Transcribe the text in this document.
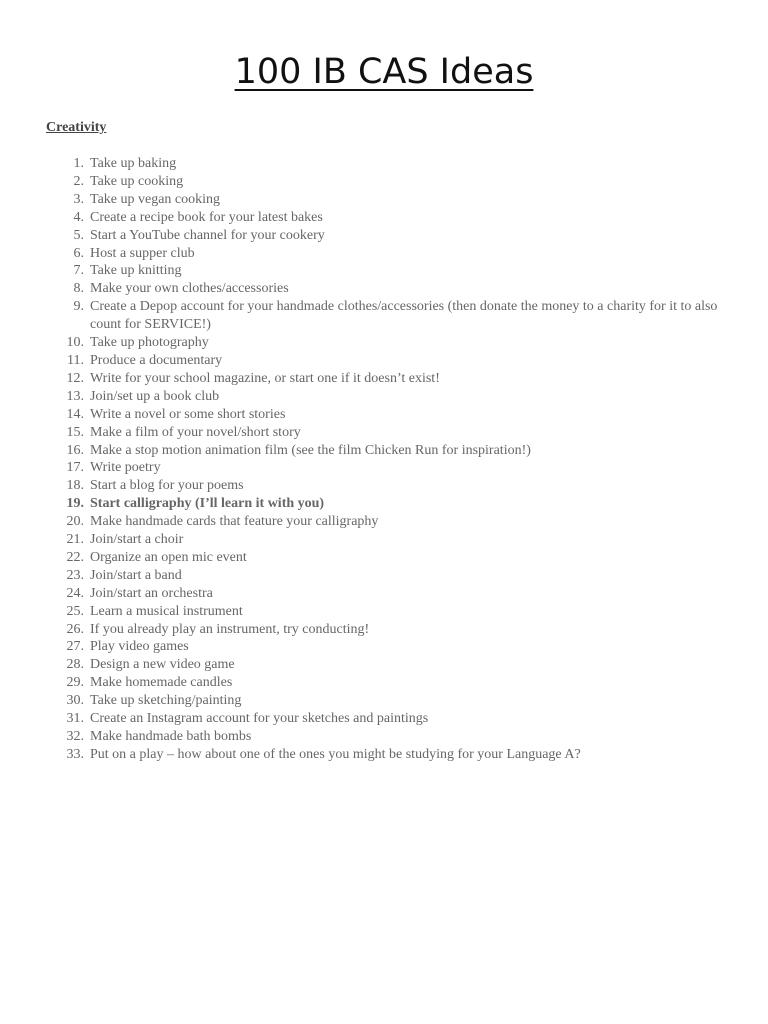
100 IB CAS Ideas
Creativity
1. Take up baking
2. Take up cooking
3. Take up vegan cooking
4. Create a recipe book for your latest bakes
5. Start a YouTube channel for your cookery
6. Host a supper club
7. Take up knitting
8. Make your own clothes/accessories
9. Create a Depop account for your handmade clothes/accessories (then donate the money to a charity for it to also count for SERVICE!)
10. Take up photography
11. Produce a documentary
12. Write for your school magazine, or start one if it doesn’t exist!
13. Join/set up a book club
14. Write a novel or some short stories
15. Make a film of your novel/short story
16. Make a stop motion animation film (see the film Chicken Run for inspiration!)
17. Write poetry
18. Start a blog for your poems
19. Start calligraphy (I’ll learn it with you)
20. Make handmade cards that feature your calligraphy
21. Join/start a choir
22. Organize an open mic event
23. Join/start a band
24. Join/start an orchestra
25. Learn a musical instrument
26. If you already play an instrument, try conducting!
27. Play video games
28. Design a new video game
29. Make homemade candles
30. Take up sketching/painting
31. Create an Instagram account for your sketches and paintings
32. Make handmade bath bombs
33. Put on a play – how about one of the ones you might be studying for your Language A?
